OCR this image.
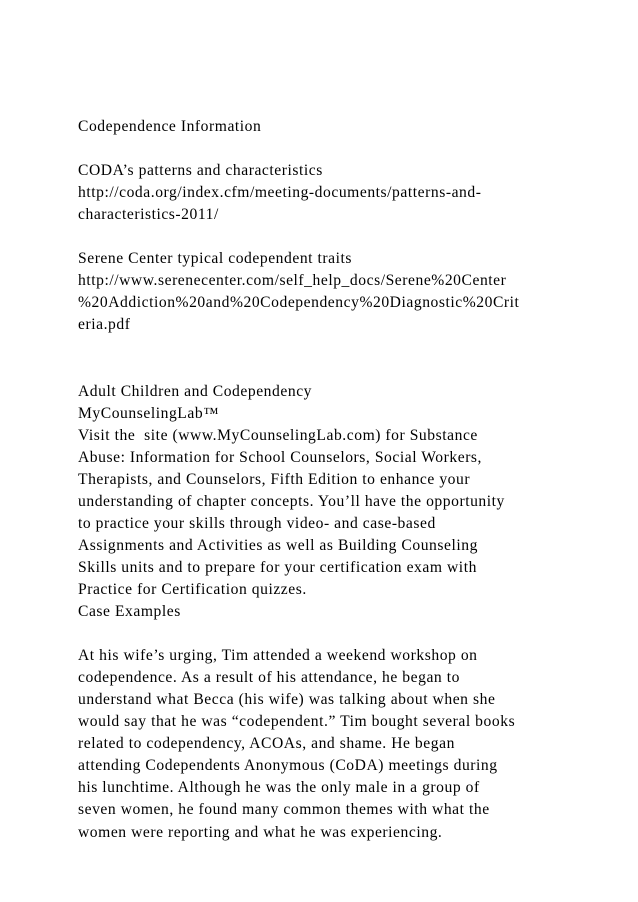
Codependence Information
CODA’s patterns and characteristics
http://coda.org/index.cfm/meeting-documents/patterns-and-
characteristics-2011/
Serene Center typical codependent traits
http://www.serenecenter.com/self_help_docs/Serene%20Center
%20Addiction%20and%20Codependency%20Diagnostic%20Crit
eria.pdf
Adult Children and Codependency
MyCounselingLab™
Visit the  site (www.MyCounselingLab.com) for Substance
Abuse: Information for School Counselors, Social Workers,
Therapists, and Counselors, Fifth Edition to enhance your
understanding of chapter concepts. You’ll have the opportunity
to practice your skills through video- and case-based
Assignments and Activities as well as Building Counseling
Skills units and to prepare for your certification exam with
Practice for Certification quizzes.
Case Examples
At his wife’s urging, Tim attended a weekend workshop on
codependence. As a result of his attendance, he began to
understand what Becca (his wife) was talking about when she
would say that he was “codependent.” Tim bought several books
related to codependency, ACOAs, and shame. He began
attending Codependents Anonymous (CoDA) meetings during
his lunchtime. Although he was the only male in a group of
seven women, he found many common themes with what the
women were reporting and what he was experiencing.
